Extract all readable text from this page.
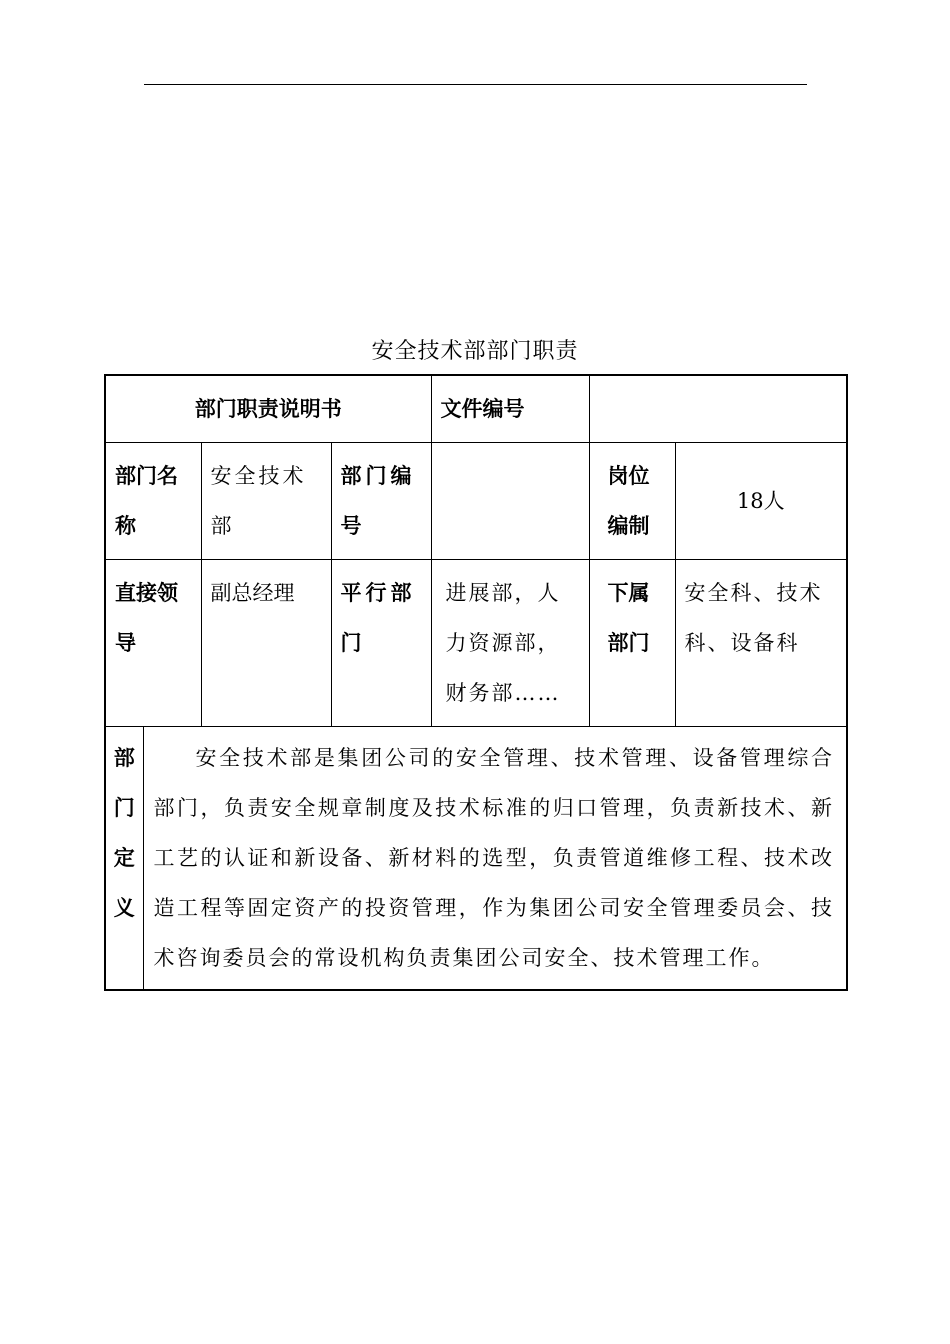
安全技术部部门职责
部门职责说明书	文件编号	
部门名称	安全技术部	部门编号		岗位编制	18人
直接领导	副总经理	平行部门	进展部，人力资源部，财务部……	下属部门	安全科、技术科、设备科

部门定义	安全技术部是集团公司的安全管理、技术管理、设备管理综合部门，负责安全规章制度及技术标准的归口管理，负责新技术、新工艺的认证和新设备、新材料的选型，负责管道维修工程、技术改造工程等固定资产的投资管理，作为集团公司安全管理委员会、技术咨询委员会的常设机构负责集团公司安全、技术管理工作。
